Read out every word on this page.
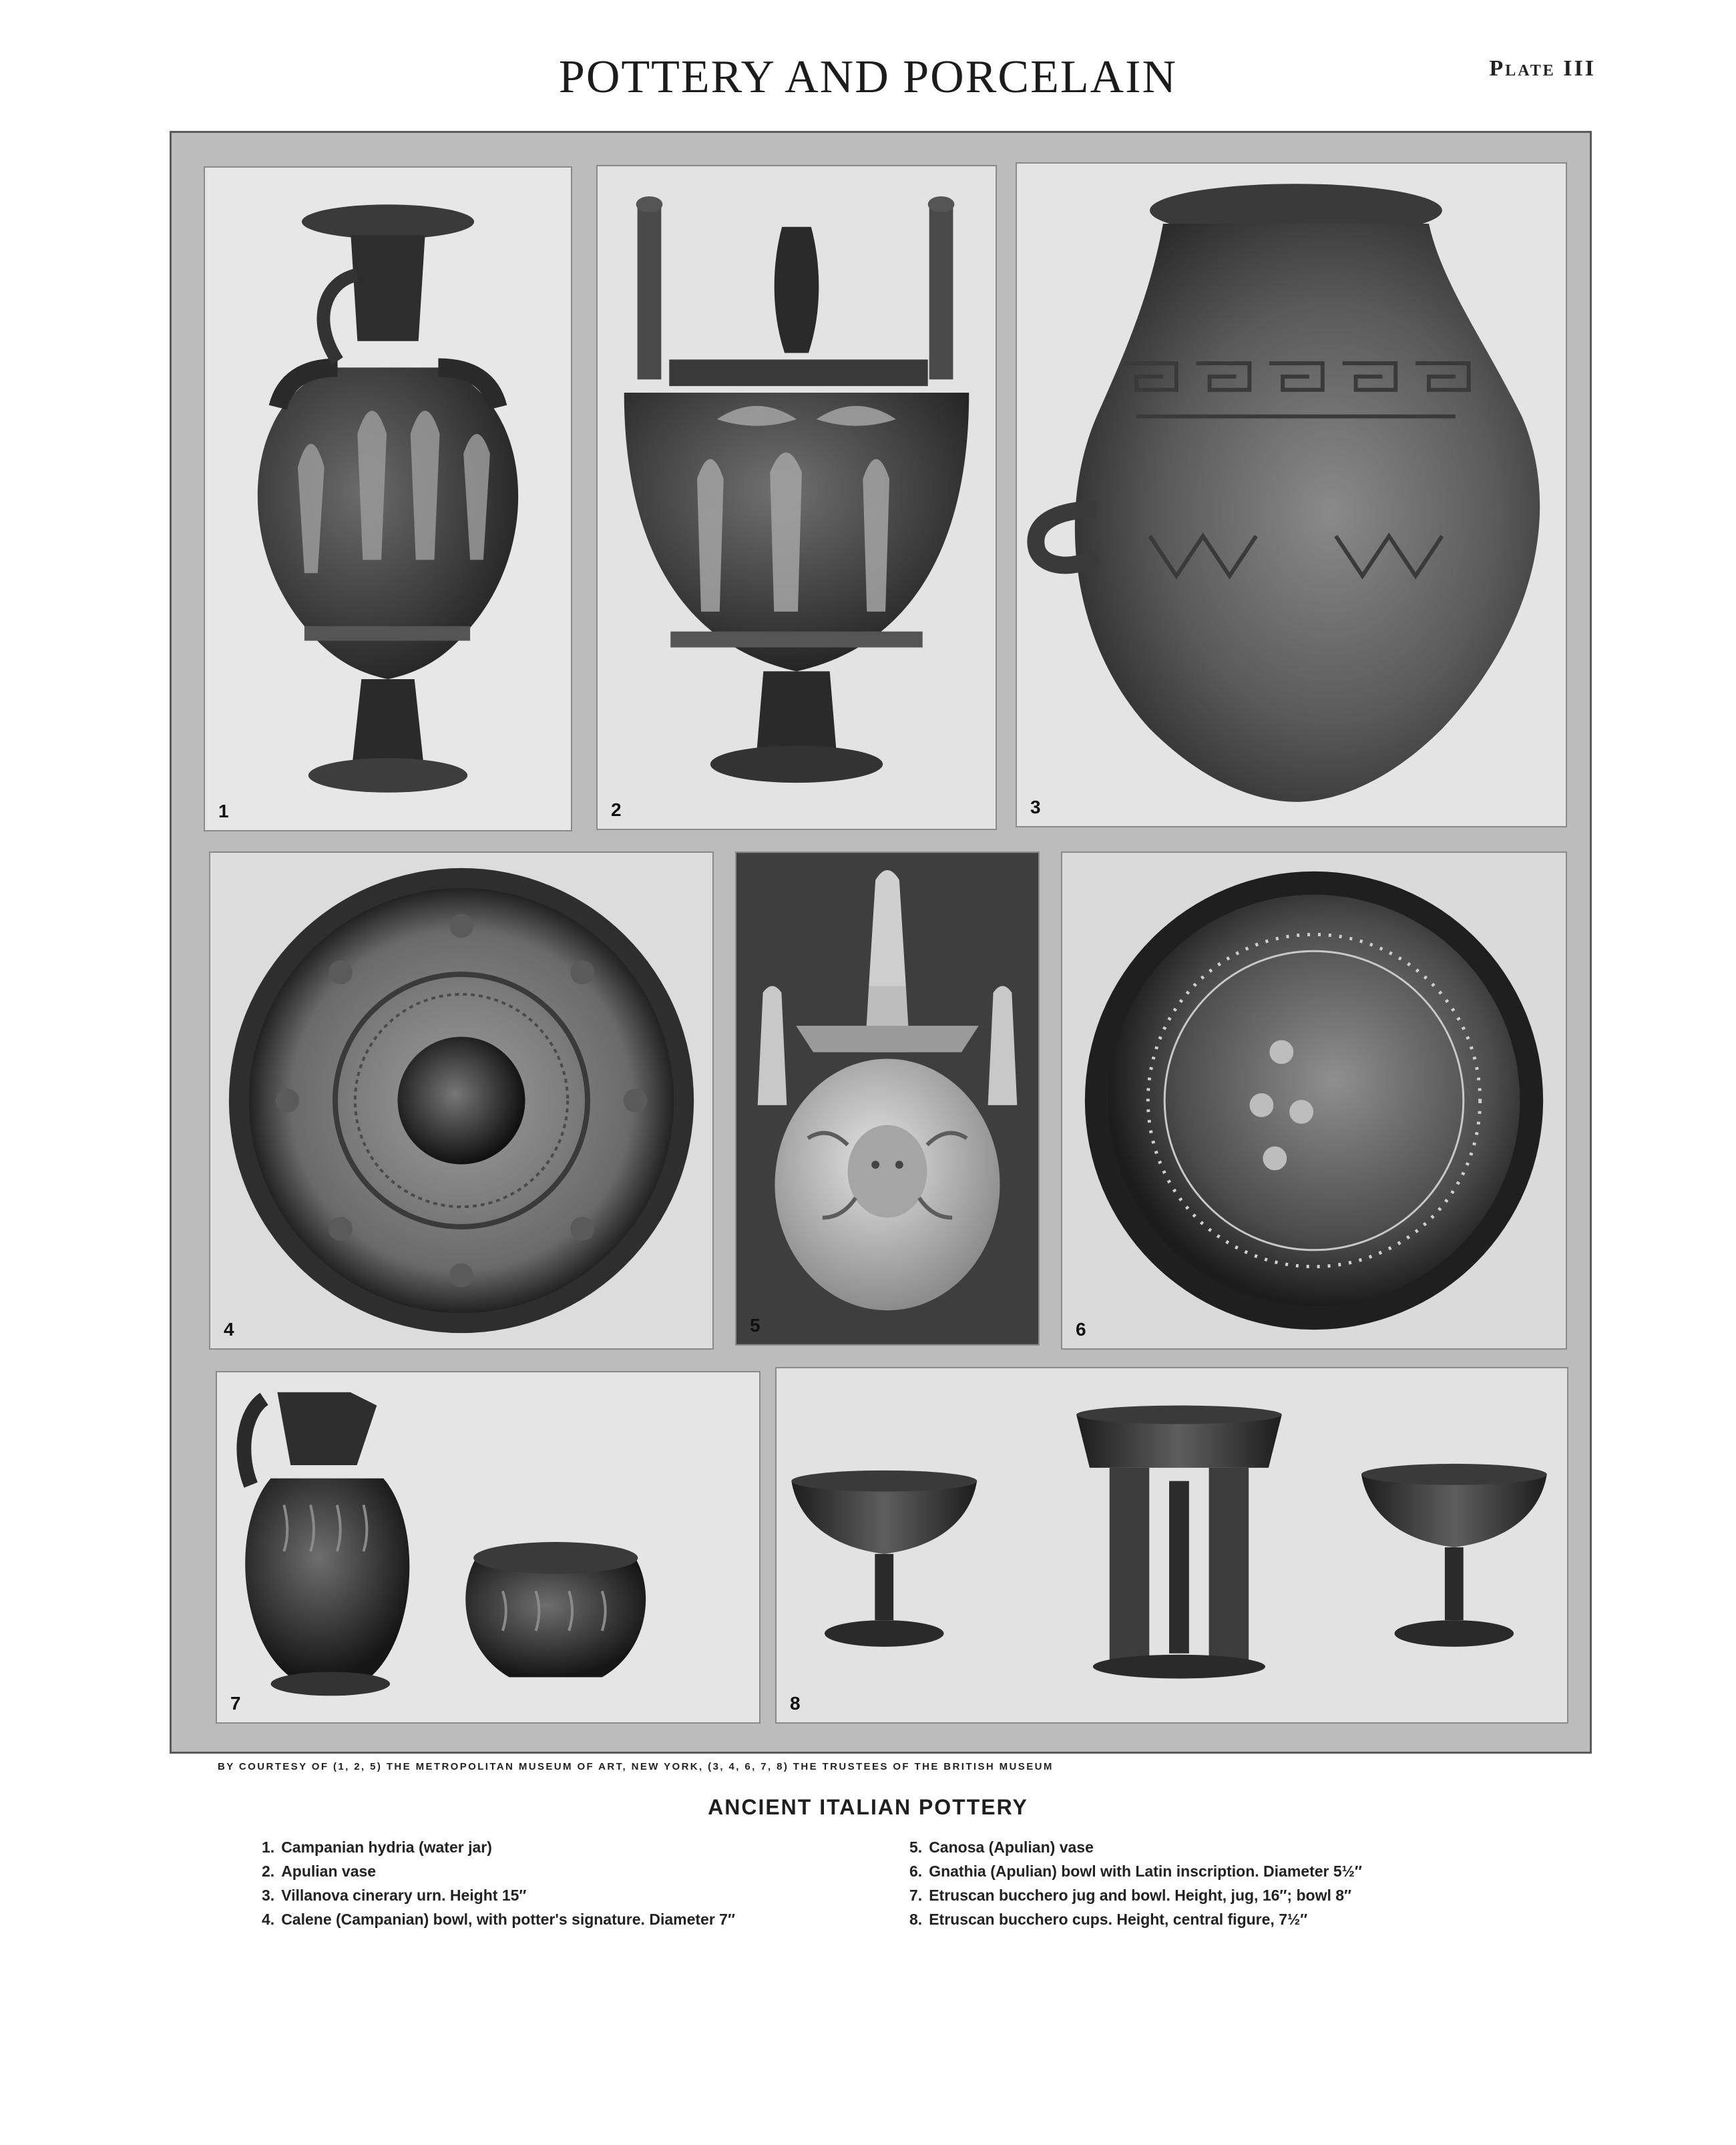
POTTERY AND PORCELAIN	Plate III
1	2	3
4	5	6
7	8
BY COURTESY OF (1, 2, 5) THE METROPOLITAN MUSEUM OF ART, NEW YORK, (3, 4, 6, 7, 8) THE TRUSTEES OF THE BRITISH MUSEUM
ANCIENT ITALIAN POTTERY
1. Campanian hydria (water jar)
2. Apulian vase
3. Villanova cinerary urn. Height 15″
4. Calene (Campanian) bowl, with potter's signature. Diameter 7″
5. Canosa (Apulian) vase
6. Gnathia (Apulian) bowl with Latin inscription. Diameter 5½″
7. Etruscan bucchero jug and bowl. Height, jug, 16″; bowl 8″
8. Etruscan bucchero cups. Height, central figure, 7½″
